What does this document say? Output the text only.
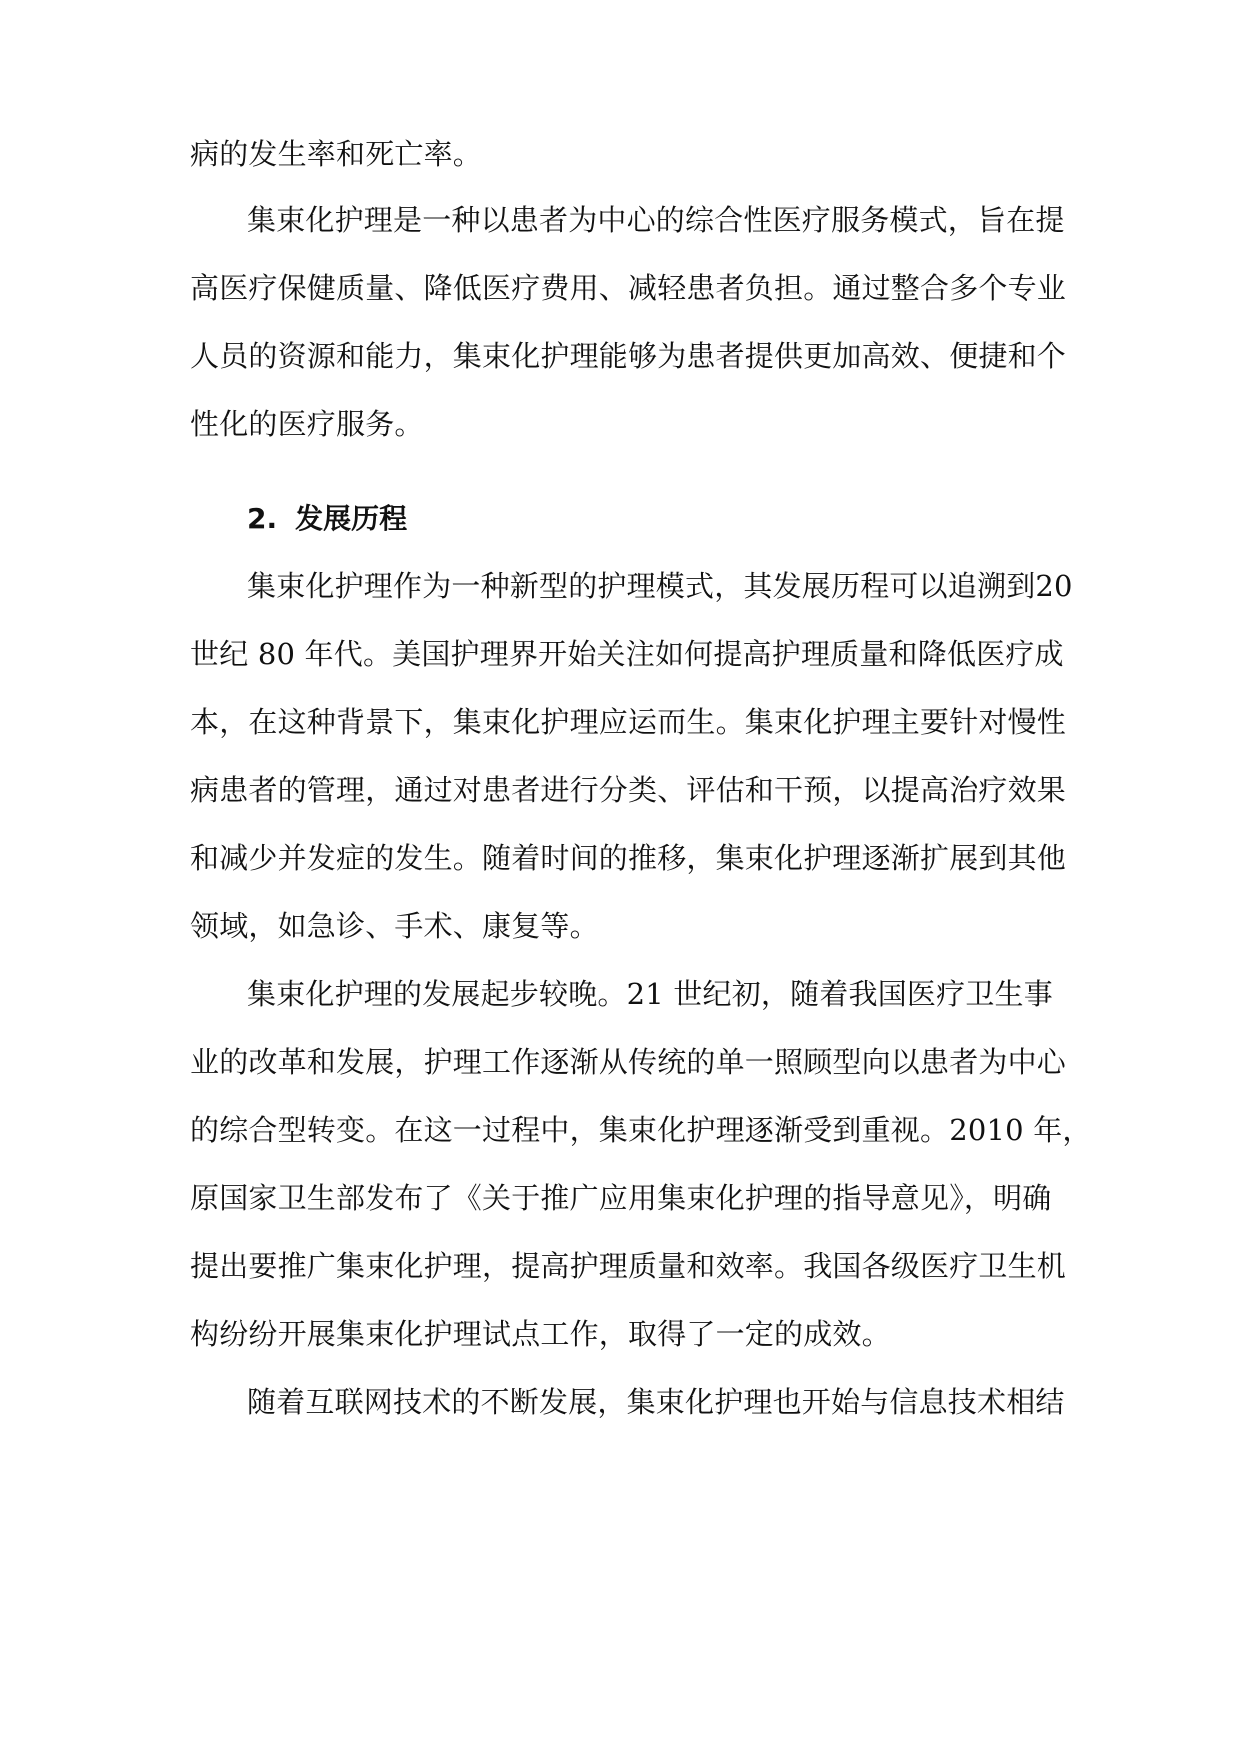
病的发生率和死亡率。
集束化护理是一种以患者为中心的综合性医疗服务模式，旨在提
高医疗保健质量、降低医疗费用、减轻患者负担。通过整合多个专业
人员的资源和能力，集束化护理能够为患者提供更加高效、便捷和个
性化的医疗服务。
2. 发展历程
集束化护理作为一种新型的护理模式，其发展历程可以追溯到20
世纪 80 年代。美国护理界开始关注如何提高护理质量和降低医疗成
本，在这种背景下，集束化护理应运而生。集束化护理主要针对慢性
病患者的管理，通过对患者进行分类、评估和干预，以提高治疗效果
和减少并发症的发生。随着时间的推移，集束化护理逐渐扩展到其他
领域，如急诊、手术、康复等。
集束化护理的发展起步较晚。21 世纪初，随着我国医疗卫生事
业的改革和发展，护理工作逐渐从传统的单一照顾型向以患者为中心
的综合型转变。在这一过程中，集束化护理逐渐受到重视。2010 年，
原国家卫生部发布了《关于推广应用集束化护理的指导意见》，明确
提出要推广集束化护理，提高护理质量和效率。我国各级医疗卫生机
构纷纷开展集束化护理试点工作，取得了一定的成效。
随着互联网技术的不断发展，集束化护理也开始与信息技术相结
